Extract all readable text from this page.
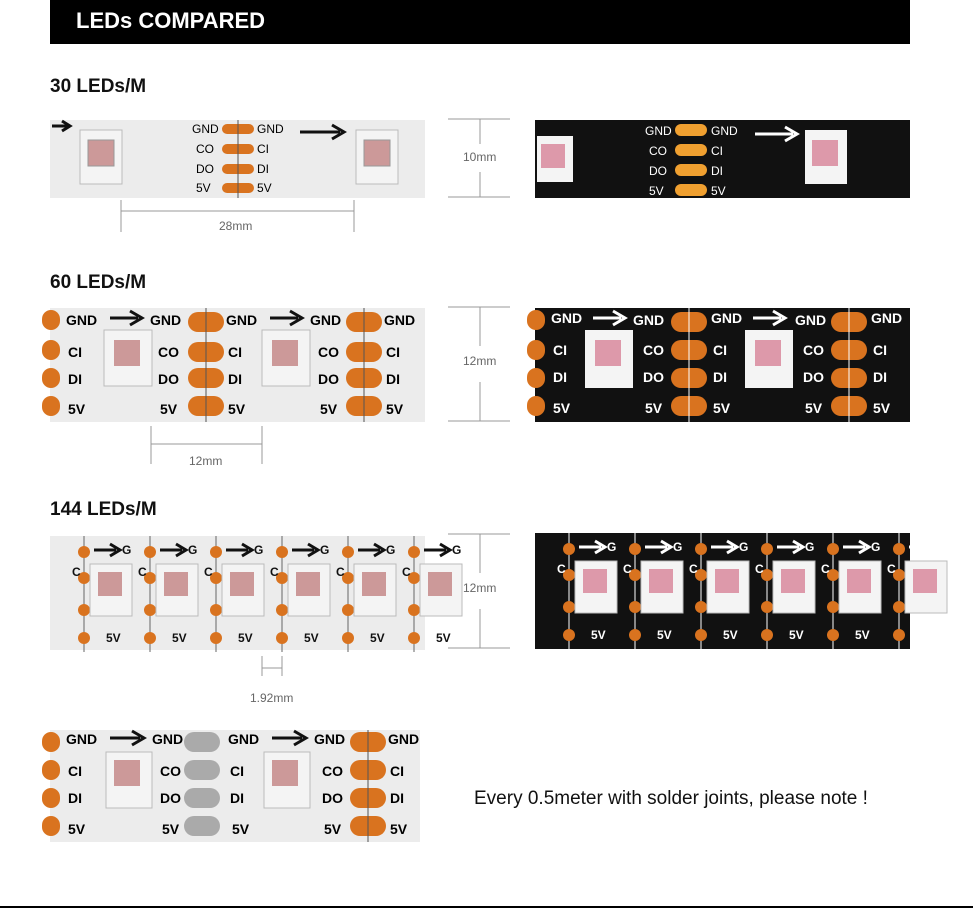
LEDs COMPARED
30 LEDs/M
GND	GND
CO	CI
DO	DI
5V	5V
28mm
10mm
GND	GND
CO	CI
DO	DI
5V	5V
60 LEDs/M
GND
CI
DI
5V
GND
CO
DO
5V
GND
CI
DI
5V
GND
CO
DO
5V
GND
CI
DI
5V
12mm
12mm
GND
CI
DI
5V
GND
CO
DO
5V
GND
CI
DI
5V
GND
CO
DO
5V
GND
CI
DI
5V
144 LEDs/M
G
C
5V
G
C
5V
G
C
5V
G
C
5V
G
C
5V
G
C
5V
1.92mm
12mm
G
C
5V
G
C
5V
G
C
5V
G
C
5V
G
C
5V
G
C
5V
GND
CI
DI
5V
GND
CO
DO
5V
GND
CI
DI
5V
GND
CO
DO
5V
GND
CI
DI
5V
Every 0.5meter with solder joints, please note !
